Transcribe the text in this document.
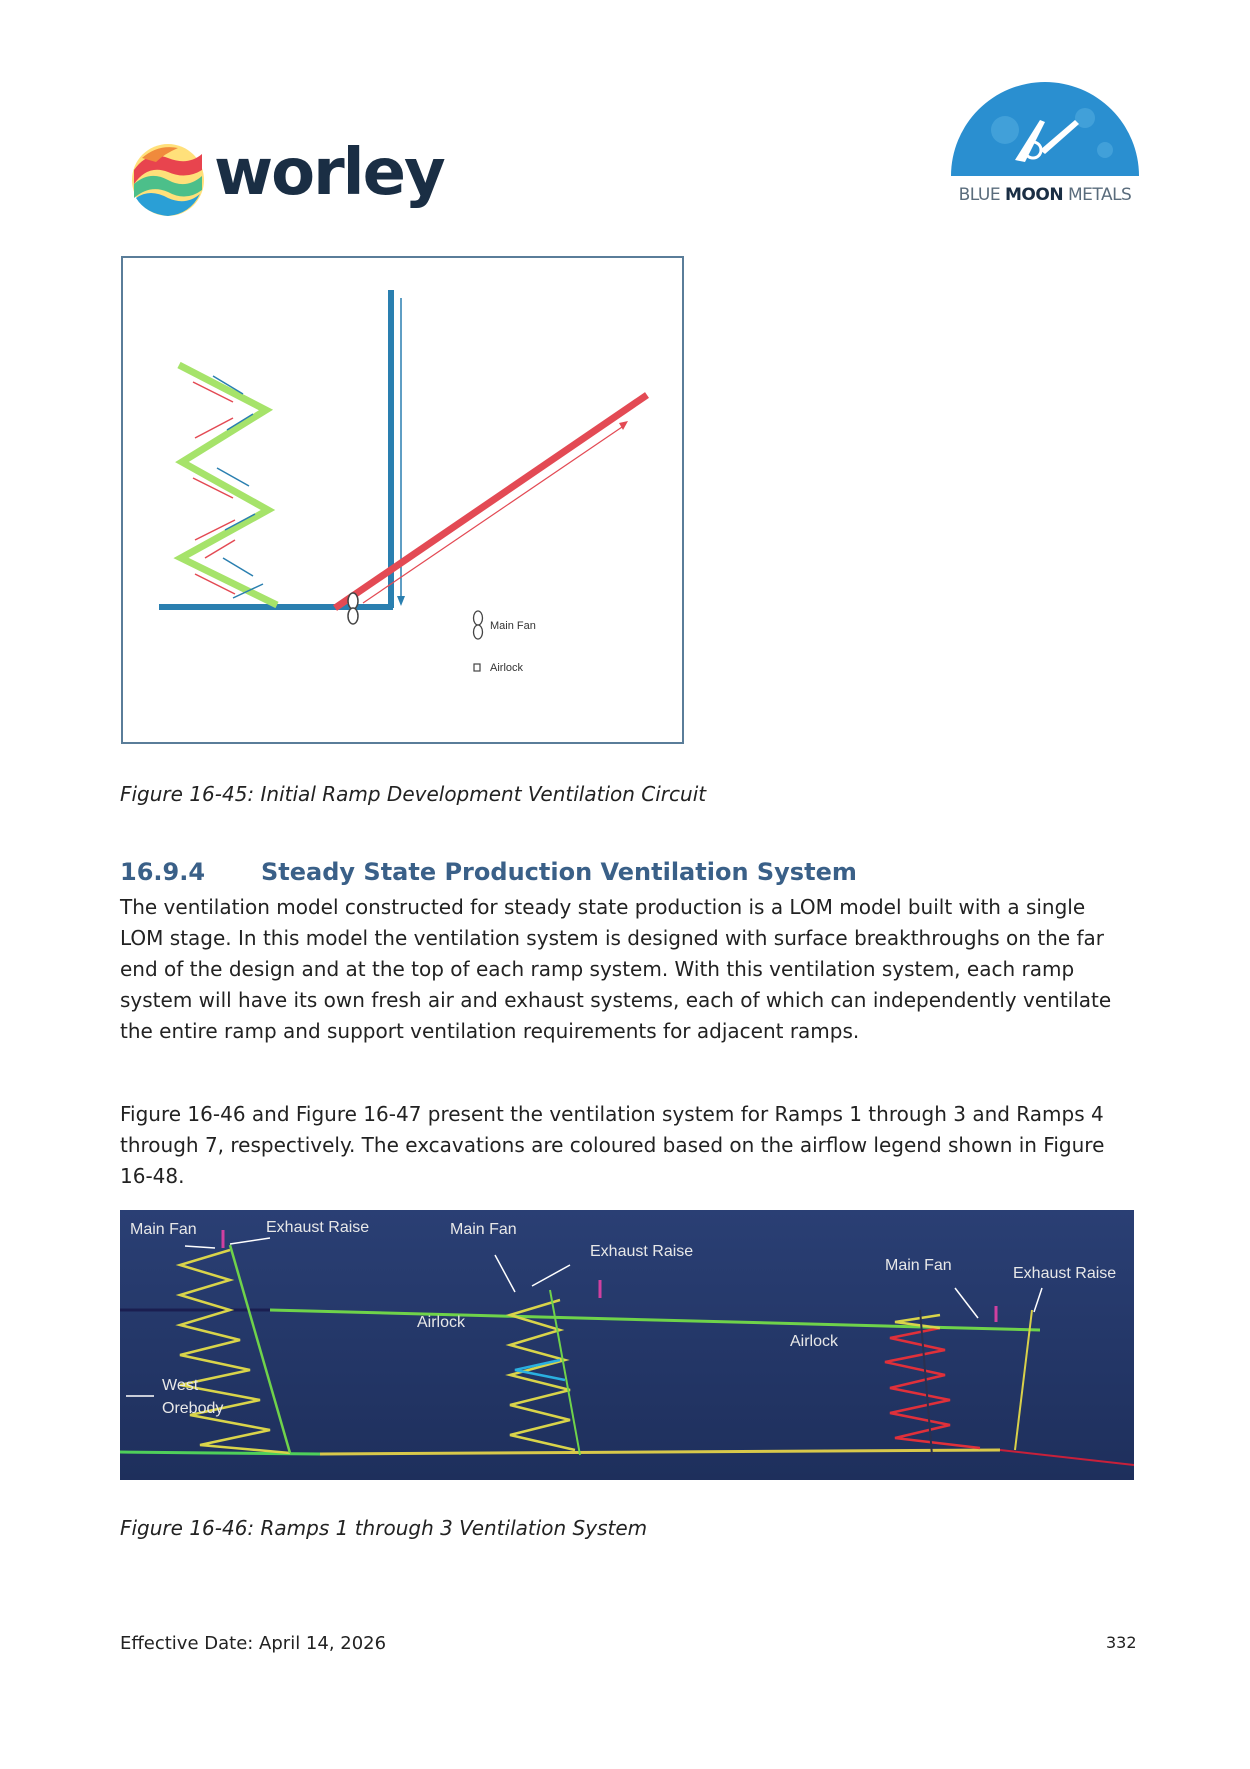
worley	BLUE MOON METALS
Main Fan
Airlock
Figure 16-45: Initial Ramp Development Ventilation Circuit
16.9.4 Steady State Production Ventilation System

The ventilation model constructed for steady state production is a LOM model built with a single LOM stage. In this model the ventilation system is designed with surface breakthroughs on the far end of the design and at the top of each ramp system. With this ventilation system, each ramp system will have its own fresh air and exhaust systems, each of which can independently ventilate the entire ramp and support ventilation requirements for adjacent ramps.

Figure 16-46 and Figure 16-47 present the ventilation system for Ramps 1 through 3 and Ramps 4 through 7, respectively. The excavations are coloured based on the airflow legend shown in Figure 16-48.

Main Fan	Exhaust Raise	Main Fan
Exhaust Raise
Main Fan	Exhaust Raise
Airlock
Airlock
West
Orebody
Figure 16-46: Ramps 1 through 3 Ventilation System
Effective Date: April 14, 2026	332
